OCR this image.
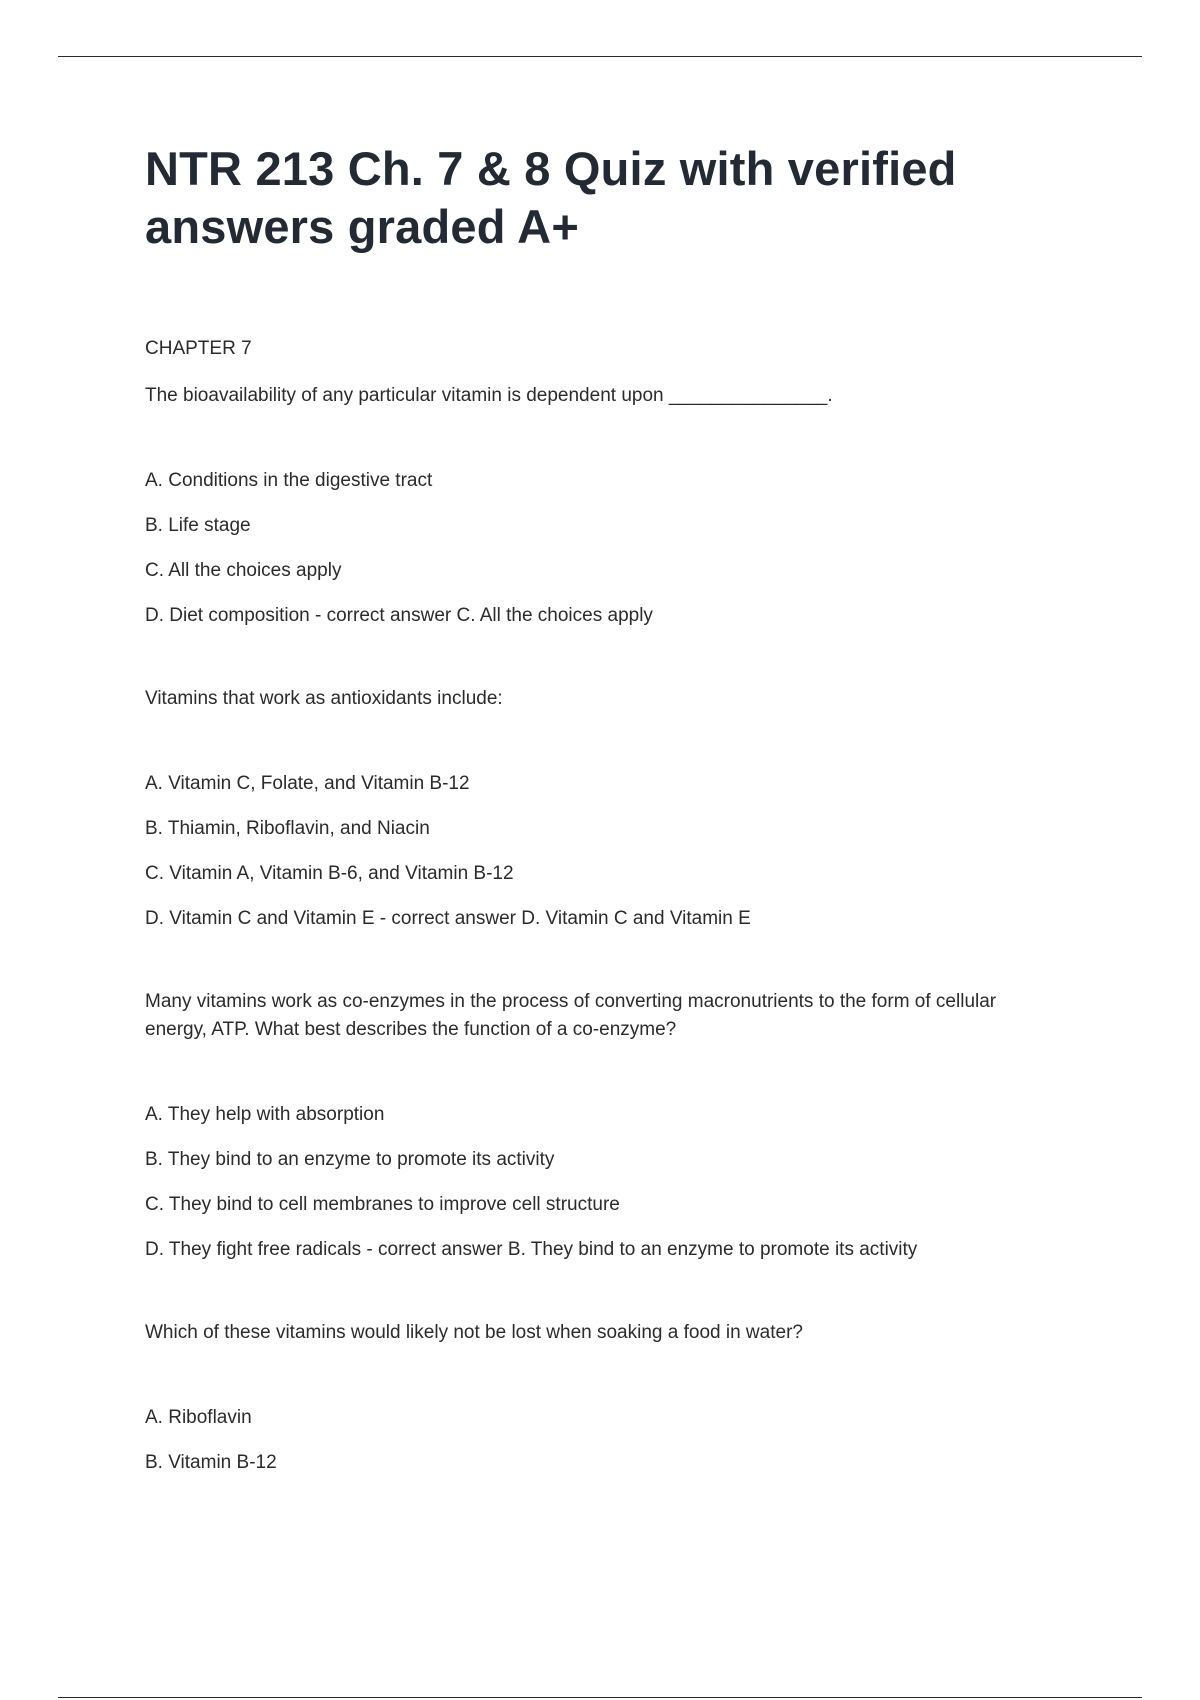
NTR 213 Ch. 7 & 8 Quiz with verified answers graded A+

CHAPTER 7

The bioavailability of any particular vitamin is dependent upon _______________.

A. Conditions in the digestive tract
B. Life stage
C. All the choices apply
D. Diet composition - correct answer C. All the choices apply

Vitamins that work as antioxidants include:

A. Vitamin C, Folate, and Vitamin B-12
B. Thiamin, Riboflavin, and Niacin
C. Vitamin A, Vitamin B-6, and Vitamin B-12
D. Vitamin C and Vitamin E - correct answer D. Vitamin C and Vitamin E

Many vitamins work as co-enzymes in the process of converting macronutrients to the form of cellular energy, ATP. What best describes the function of a co-enzyme?

A. They help with absorption
B. They bind to an enzyme to promote its activity
C. They bind to cell membranes to improve cell structure
D. They fight free radicals - correct answer B. They bind to an enzyme to promote its activity

Which of these vitamins would likely not be lost when soaking a food in water?

A. Riboflavin
B. Vitamin B-12
